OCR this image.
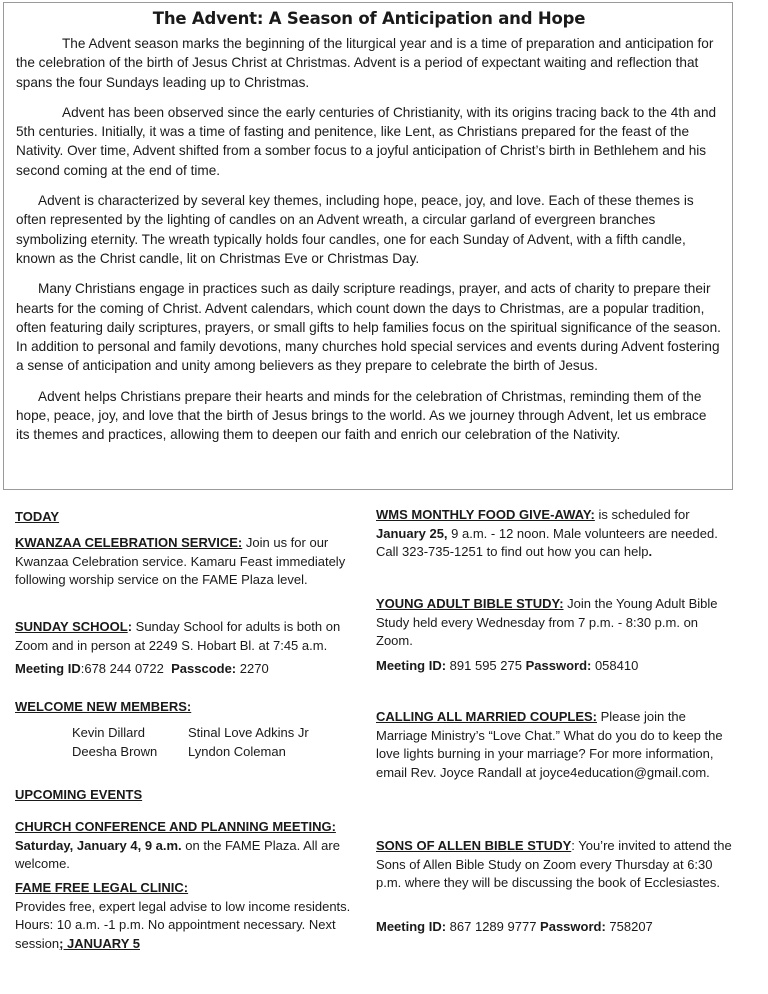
The Advent: A Season of Anticipation and Hope

The Advent season marks the beginning of the liturgical year and is a time of preparation and anticipation for the celebration of the birth of Jesus Christ at Christmas. Advent is a period of expectant waiting and reflection that spans the four Sundays leading up to Christmas.

Advent has been observed since the early centuries of Christianity, with its origins tracing back to the 4th and 5th centuries. Initially, it was a time of fasting and penitence, like Lent, as Christians prepared for the feast of the Nativity. Over time, Advent shifted from a somber focus to a joyful anticipation of Christ’s birth in Bethlehem and his second coming at the end of time.

Advent is characterized by several key themes, including hope, peace, joy, and love. Each of these themes is often represented by the lighting of candles on an Advent wreath, a circular garland of evergreen branches symbolizing eternity. The wreath typically holds four candles, one for each Sunday of Advent, with a fifth candle, known as the Christ candle, lit on Christmas Eve or Christmas Day.

Many Christians engage in practices such as daily scripture readings, prayer, and acts of charity to prepare their hearts for the coming of Christ. Advent calendars, which count down the days to Christmas, are a popular tradition, often featuring daily scriptures, prayers, or small gifts to help families focus on the spiritual significance of the season. In addition to personal and family devotions, many churches hold special services and events during Advent fostering a sense of anticipation and unity among believers as they prepare to celebrate the birth of Jesus.

Advent helps Christians prepare their hearts and minds for the celebration of Christmas, reminding them of the hope, peace, joy, and love that the birth of Jesus brings to the world. As we journey through Advent, let us embrace its themes and practices, allowing them to deepen our faith and enrich our celebration of the Nativity.

TODAY
KWANZAA CELEBRATION SERVICE: Join us for our Kwanzaa Celebration service. Kamaru Feast immediately following worship service on the FAME Plaza level.
SUNDAY SCHOOL: Sunday School for adults is both on Zoom and in person at 2249 S. Hobart Bl. at 7:45 a.m.
Meeting ID:678 244 0722 Passcode: 2270
WELCOME NEW MEMBERS:
Kevin Dillard	Stinal Love Adkins Jr
Deesha Brown	Lyndon Coleman
UPCOMING EVENTS
CHURCH CONFERENCE AND PLANNING MEETING:
Saturday, January 4, 9 a.m. on the FAME Plaza. All are welcome.
FAME FREE LEGAL CLINIC:
Provides free, expert legal advise to low income residents. Hours: 10 a.m. -1 p.m. No appointment necessary. Next session; JANUARY 5
WMS MONTHLY FOOD GIVE-AWAY: is scheduled for January 25, 9 a.m. - 12 noon. Male volunteers are needed. Call 323-735-1251 to find out how you can help.
YOUNG ADULT BIBLE STUDY: Join the Young Adult Bible Study held every Wednesday from 7 p.m. - 8:30 p.m. on Zoom.
Meeting ID: 891 595 275 Password: 058410
CALLING ALL MARRIED COUPLES: Please join the Marriage Ministry’s “Love Chat.” What do you do to keep the love lights burning in your marriage? For more information, email Rev. Joyce Randall at joyce4education@gmail.com.
SONS OF ALLEN BIBLE STUDY: You’re invited to attend the Sons of Allen Bible Study on Zoom every Thursday at 6:30 p.m. where they will be discussing the book of Ecclesiastes.
Meeting ID: 867 1289 9777 Password: 758207
